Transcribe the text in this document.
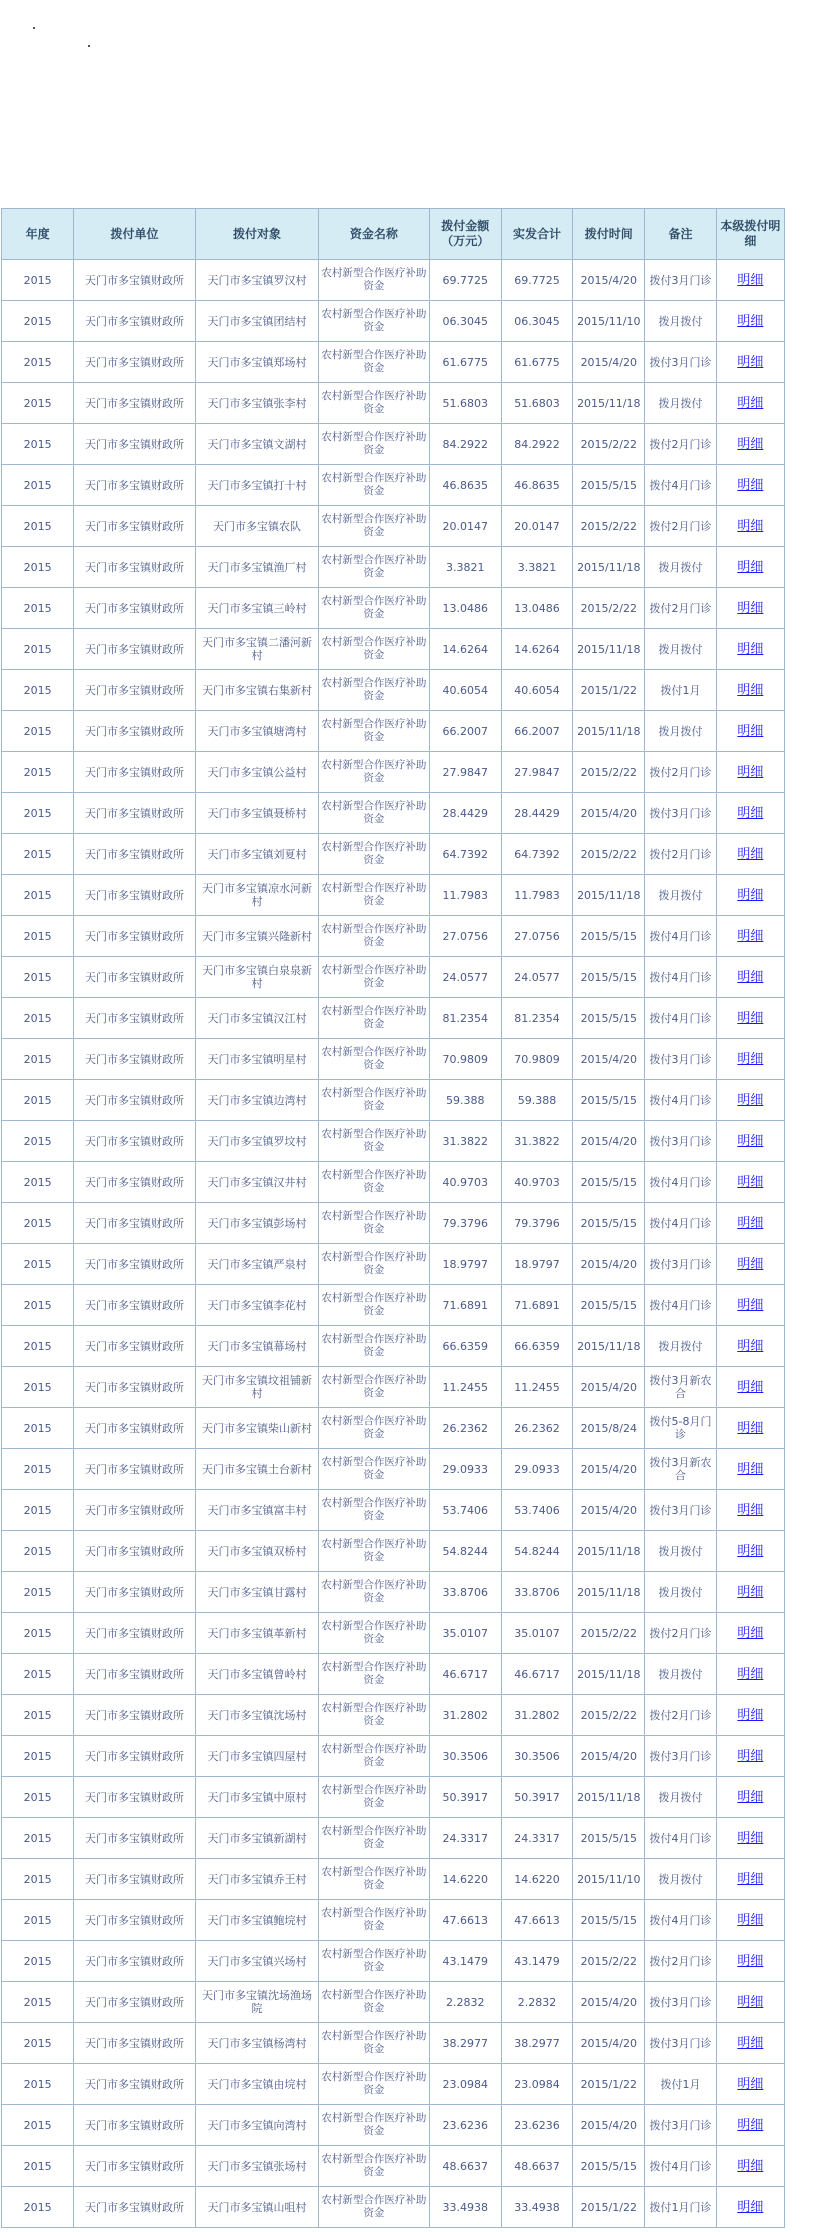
年度	拨付单位	拨付对象	资金名称	拨付金额（万元）	实发合计	拨付时间	备注	本级拨付明细
2015	天门市多宝镇财政所	天门市多宝镇罗汉村	农村新型合作医疗补助资金	69.7725	69.7725	2015/4/20	拨付3月门诊	明细
2015	天门市多宝镇财政所	天门市多宝镇团结村	农村新型合作医疗补助资金	06.3045	06.3045	2015/11/10	拨月拨付	明细
2015	天门市多宝镇财政所	天门市多宝镇郑场村	农村新型合作医疗补助资金	61.6775	61.6775	2015/4/20	拨付3月门诊	明细
2015	天门市多宝镇财政所	天门市多宝镇张李村	农村新型合作医疗补助资金	51.6803	51.6803	2015/11/18	拨月拨付	明细
2015	天门市多宝镇财政所	天门市多宝镇文湖村	农村新型合作医疗补助资金	84.2922	84.2922	2015/2/22	拨付2月门诊	明细
2015	天门市多宝镇财政所	天门市多宝镇打十村	农村新型合作医疗补助资金	46.8635	46.8635	2015/5/15	拨付4月门诊	明细
2015	天门市多宝镇财政所	天门市多宝镇农队	农村新型合作医疗补助资金	20.0147	20.0147	2015/2/22	拨付2月门诊	明细
2015	天门市多宝镇财政所	天门市多宝镇渔厂村	农村新型合作医疗补助资金	3.3821	3.3821	2015/11/18	拨月拨付	明细
2015	天门市多宝镇财政所	天门市多宝镇三岭村	农村新型合作医疗补助资金	13.0486	13.0486	2015/2/22	拨付2月门诊	明细
2015	天门市多宝镇财政所	天门市多宝镇二潘河新村	农村新型合作医疗补助资金	14.6264	14.6264	2015/11/18	拨月拨付	明细
2015	天门市多宝镇财政所	天门市多宝镇右集新村	农村新型合作医疗补助资金	40.6054	40.6054	2015/1/22	拨付1月	明细
2015	天门市多宝镇财政所	天门市多宝镇塘湾村	农村新型合作医疗补助资金	66.2007	66.2007	2015/11/18	拨月拨付	明细
2015	天门市多宝镇财政所	天门市多宝镇公益村	农村新型合作医疗补助资金	27.9847	27.9847	2015/2/22	拨付2月门诊	明细
2015	天门市多宝镇财政所	天门市多宝镇聂桥村	农村新型合作医疗补助资金	28.4429	28.4429	2015/4/20	拨付3月门诊	明细
2015	天门市多宝镇财政所	天门市多宝镇刘夏村	农村新型合作医疗补助资金	64.7392	64.7392	2015/2/22	拨付2月门诊	明细
2015	天门市多宝镇财政所	天门市多宝镇凉水河新村	农村新型合作医疗补助资金	11.7983	11.7983	2015/11/18	拨月拨付	明细
2015	天门市多宝镇财政所	天门市多宝镇兴隆新村	农村新型合作医疗补助资金	27.0756	27.0756	2015/5/15	拨付4月门诊	明细
2015	天门市多宝镇财政所	天门市多宝镇白泉泉新村	农村新型合作医疗补助资金	24.0577	24.0577	2015/5/15	拨付4月门诊	明细
2015	天门市多宝镇财政所	天门市多宝镇汉江村	农村新型合作医疗补助资金	81.2354	81.2354	2015/5/15	拨付4月门诊	明细
2015	天门市多宝镇财政所	天门市多宝镇明星村	农村新型合作医疗补助资金	70.9809	70.9809	2015/4/20	拨付3月门诊	明细
2015	天门市多宝镇财政所	天门市多宝镇边湾村	农村新型合作医疗补助资金	59.388	59.388	2015/5/15	拨付4月门诊	明细
2015	天门市多宝镇财政所	天门市多宝镇罗坟村	农村新型合作医疗补助资金	31.3822	31.3822	2015/4/20	拨付3月门诊	明细
2015	天门市多宝镇财政所	天门市多宝镇汉井村	农村新型合作医疗补助资金	40.9703	40.9703	2015/5/15	拨付4月门诊	明细
2015	天门市多宝镇财政所	天门市多宝镇彭场村	农村新型合作医疗补助资金	79.3796	79.3796	2015/5/15	拨付4月门诊	明细
2015	天门市多宝镇财政所	天门市多宝镇严泉村	农村新型合作医疗补助资金	18.9797	18.9797	2015/4/20	拨付3月门诊	明细
2015	天门市多宝镇财政所	天门市多宝镇李花村	农村新型合作医疗补助资金	71.6891	71.6891	2015/5/15	拨付4月门诊	明细
2015	天门市多宝镇财政所	天门市多宝镇幕场村	农村新型合作医疗补助资金	66.6359	66.6359	2015/11/18	拨月拨付	明细
2015	天门市多宝镇财政所	天门市多宝镇坟祖铺新村	农村新型合作医疗补助资金	11.2455	11.2455	2015/4/20	拨付3月新农合	明细
2015	天门市多宝镇财政所	天门市多宝镇柴山新村	农村新型合作医疗补助资金	26.2362	26.2362	2015/8/24	拨付5-8月门诊	明细
2015	天门市多宝镇财政所	天门市多宝镇土台新村	农村新型合作医疗补助资金	29.0933	29.0933	2015/4/20	拨付3月新农合	明细
2015	天门市多宝镇财政所	天门市多宝镇富丰村	农村新型合作医疗补助资金	53.7406	53.7406	2015/4/20	拨付3月门诊	明细
2015	天门市多宝镇财政所	天门市多宝镇双桥村	农村新型合作医疗补助资金	54.8244	54.8244	2015/11/18	拨月拨付	明细
2015	天门市多宝镇财政所	天门市多宝镇甘露村	农村新型合作医疗补助资金	33.8706	33.8706	2015/11/18	拨月拨付	明细
2015	天门市多宝镇财政所	天门市多宝镇革新村	农村新型合作医疗补助资金	35.0107	35.0107	2015/2/22	拨付2月门诊	明细
2015	天门市多宝镇财政所	天门市多宝镇曾岭村	农村新型合作医疗补助资金	46.6717	46.6717	2015/11/18	拨月拨付	明细
2015	天门市多宝镇财政所	天门市多宝镇沈场村	农村新型合作医疗补助资金	31.2802	31.2802	2015/2/22	拨付2月门诊	明细
2015	天门市多宝镇财政所	天门市多宝镇四屋村	农村新型合作医疗补助资金	30.3506	30.3506	2015/4/20	拨付3月门诊	明细
2015	天门市多宝镇财政所	天门市多宝镇中原村	农村新型合作医疗补助资金	50.3917	50.3917	2015/11/18	拨月拨付	明细
2015	天门市多宝镇财政所	天门市多宝镇新湖村	农村新型合作医疗补助资金	24.3317	24.3317	2015/5/15	拨付4月门诊	明细
2015	天门市多宝镇财政所	天门市多宝镇乔王村	农村新型合作医疗补助资金	14.6220	14.6220	2015/11/10	拨月拨付	明细
2015	天门市多宝镇财政所	天门市多宝镇鲍垸村	农村新型合作医疗补助资金	47.6613	47.6613	2015/5/15	拨付4月门诊	明细
2015	天门市多宝镇财政所	天门市多宝镇兴场村	农村新型合作医疗补助资金	43.1479	43.1479	2015/2/22	拨付2月门诊	明细
2015	天门市多宝镇财政所	天门市多宝镇沈场渔场院	农村新型合作医疗补助资金	2.2832	2.2832	2015/4/20	拨付3月门诊	明细
2015	天门市多宝镇财政所	天门市多宝镇杨湾村	农村新型合作医疗补助资金	38.2977	38.2977	2015/4/20	拨付3月门诊	明细
2015	天门市多宝镇财政所	天门市多宝镇由垸村	农村新型合作医疗补助资金	23.0984	23.0984	2015/1/22	拨付1月	明细
2015	天门市多宝镇财政所	天门市多宝镇向湾村	农村新型合作医疗补助资金	23.6236	23.6236	2015/4/20	拨付3月门诊	明细
2015	天门市多宝镇财政所	天门市多宝镇张场村	农村新型合作医疗补助资金	48.6637	48.6637	2015/5/15	拨付4月门诊	明细
2015	天门市多宝镇财政所	天门市多宝镇山咀村	农村新型合作医疗补助资金	33.4938	33.4938	2015/1/22	拨付1月门诊	明细
